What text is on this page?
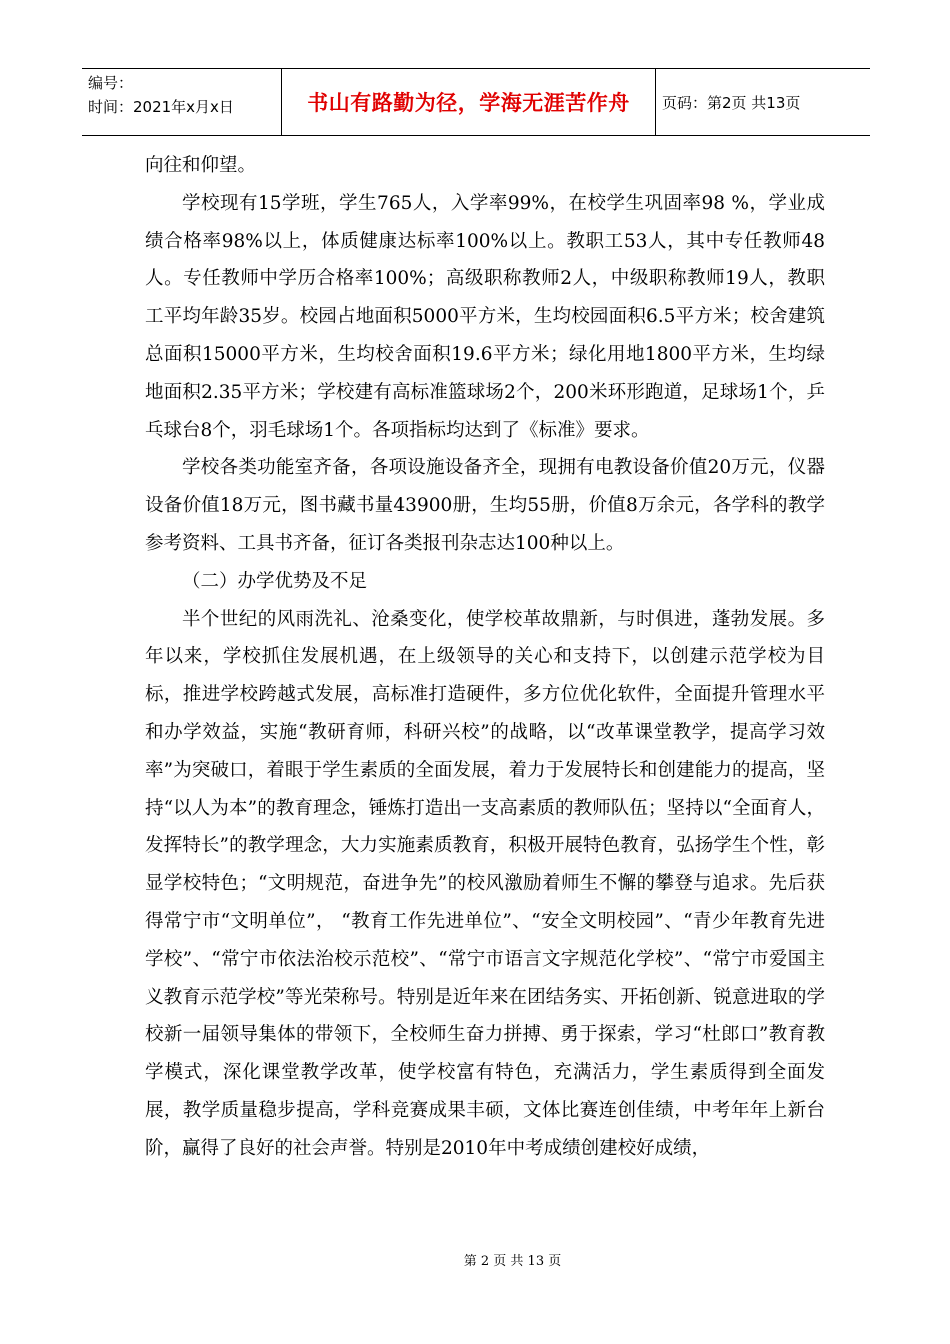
编号：
时间：2021年x月x日	书山有路勤为径，学海无涯苦作舟	页码：第2页 共13页

向往和仰望。

学校现有15学班，学生765人，入学率99%，在校学生巩固率98 %，学业成绩合格率98%以上，体质健康达标率100%以上。教职工53人，其中专任教师48人。专任教师中学历合格率100%；高级职称教师2人，中级职称教师19人，教职工平均年龄35岁。校园占地面积5000平方米，生均校园面积6.5平方米；校舍建筑总面积15000平方米，生均校舍面积19.6平方米；绿化用地1800平方米，生均绿地面积2.35平方米；学校建有高标准篮球场2个，200米环形跑道，足球场1个，乒乓球台8个，羽毛球场1个。各项指标均达到了《标准》要求。

学校各类功能室齐备，各项设施设备齐全，现拥有电教设备价值20万元，仪器设备价值18万元，图书藏书量43900册，生均55册，价值8万余元，各学科的教学参考资料、工具书齐备，征订各类报刊杂志达100种以上。

（二）办学优势及不足

半个世纪的风雨洗礼、沧桑变化，使学校革故鼎新，与时俱进，蓬勃发展。多年以来，学校抓住发展机遇，在上级领导的关心和支持下，以创建示范学校为目标，推进学校跨越式发展，高标准打造硬件，多方位优化软件，全面提升管理水平和办学效益，实施“教研育师，科研兴校”的战略，以“改革课堂教学，提高学习效率”为突破口，着眼于学生素质的全面发展，着力于发展特长和创建能力的提高，坚持“以人为本”的教育理念，锤炼打造出一支高素质的教师队伍；坚持以“全面育人，发挥特长”的教学理念，大力实施素质教育，积极开展特色教育，弘扬学生个性，彰显学校特色；“文明规范，奋进争先”的校风激励着师生不懈的攀登与追求。先后获得常宁市“文明单位”， “教育工作先进单位”、“安全文明校园”、“青少年教育先进学校”、“常宁市依法治校示范校”、“常宁市语言文字规范化学校”、“常宁市爱国主义教育示范学校”等光荣称号。特别是近年来在团结务实、开拓创新、锐意进取的学校新一届领导集体的带领下，全校师生奋力拼搏、勇于探索，学习“杜郎口”教育教学模式，深化课堂教学改革，使学校富有特色，充满活力，学生素质得到全面发展，教学质量稳步提高，学科竞赛成果丰硕，文体比赛连创佳绩，中考年年上新台阶，赢得了良好的社会声誉。特别是2010年中考成绩创建校好成绩，

第 2 页 共 13 页
